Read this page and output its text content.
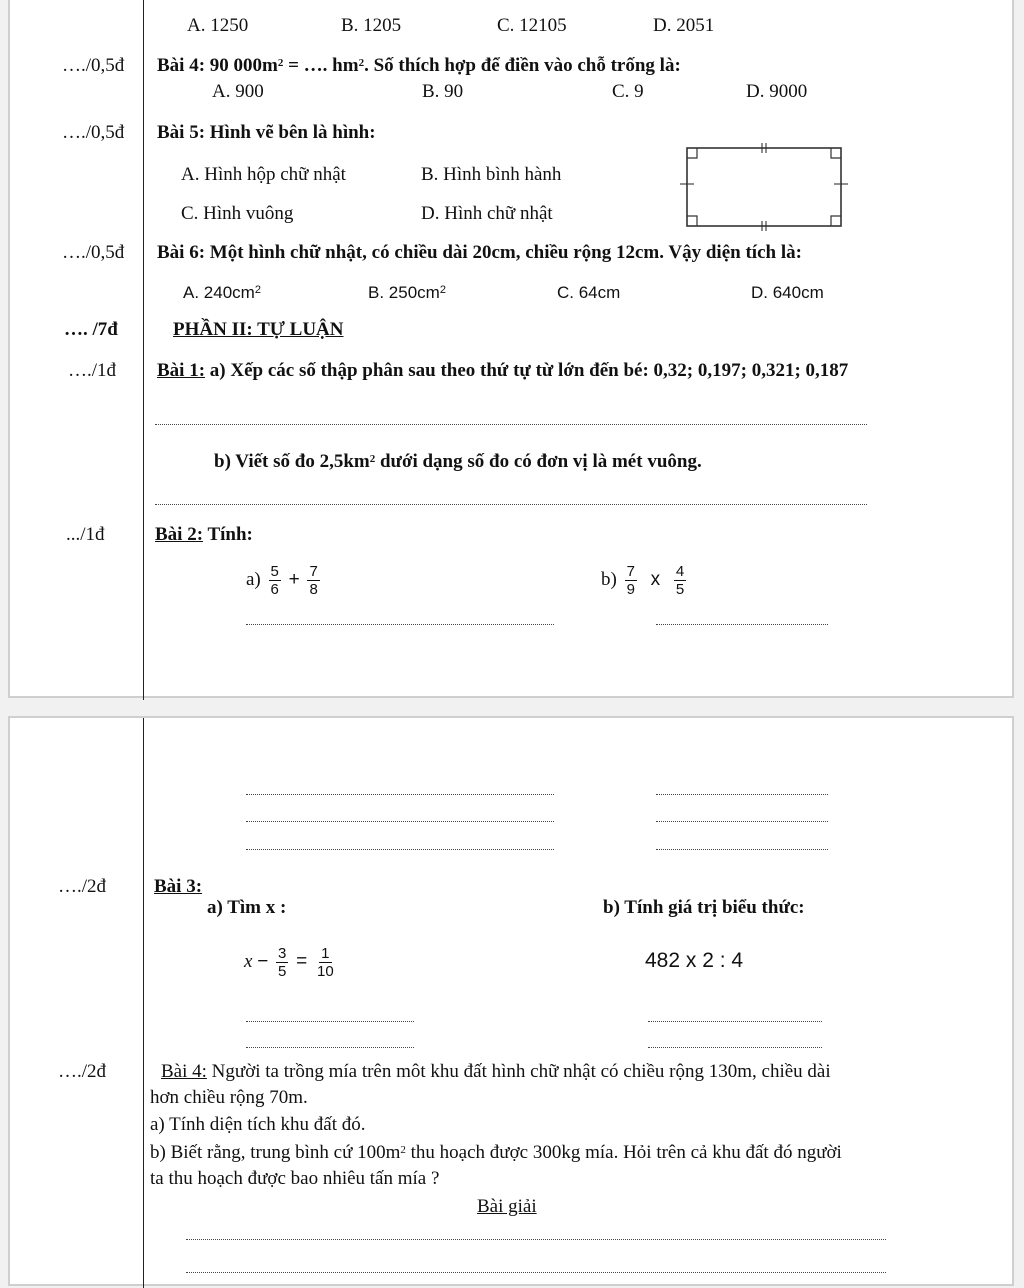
A. 1250	B. 1205	C. 12105	D. 2051
…./0,5đ Bài 4: 90 $000m^2$ = …. $hm^2$. Số thích hợp để điền vào chỗ trống là:
A. 900	B. 90	C. 9	D. 9000
…./0,5đ Bài 5: Hình vẽ bên là hình:
A. Hình hộp chữ nhật	B. Hình bình hành
C. Hình vuông	D. Hình chữ nhật
…./0,5đ Bài 6: Một hình chữ nhật, có chiều dài 20cm, chiều rộng 12cm. Vậy diện tích là:
A. $240cm^2$	B. $250cm^2$	C. 64cm	D. 640cm
…. /7đ	PHẦN II: TỰ LUẬN
…./1đ Bài 1: a) Xếp các số thập phân sau theo thứ tự từ lớn đến bé: 0,32; 0,197; 0,321; 0,187
b) Viết số đo $2,5km^2$ dưới dạng số đo có đơn vị là mét vuông.
.../1đ	Bài 2: Tính:
$a) \frac{5}{6} + \frac{7}{8}$	$b) \frac{7}{9}$ x $\frac{4}{5}$
…./2đ	Bài 3:
a) Tìm x :	b) Tính giá trị biểu thức:
$x - \frac{3}{5} = \frac{1}{10}$	482 x 2 : 4
…./2đ	Bài 4: Người ta trồng mía trên môt khu đất hình chữ nhật có chiều rộng 130m, chiều dài
hơn chiều rộng 70m.
a) Tính diện tích khu đất đó.
b) Biết rằng, trung bình cứ $100m^2$ thu hoạch được 300kg mía. Hỏi trên cả khu đất đó người
ta thu hoạch được bao nhiêu tấn mía ?
Bài giải
